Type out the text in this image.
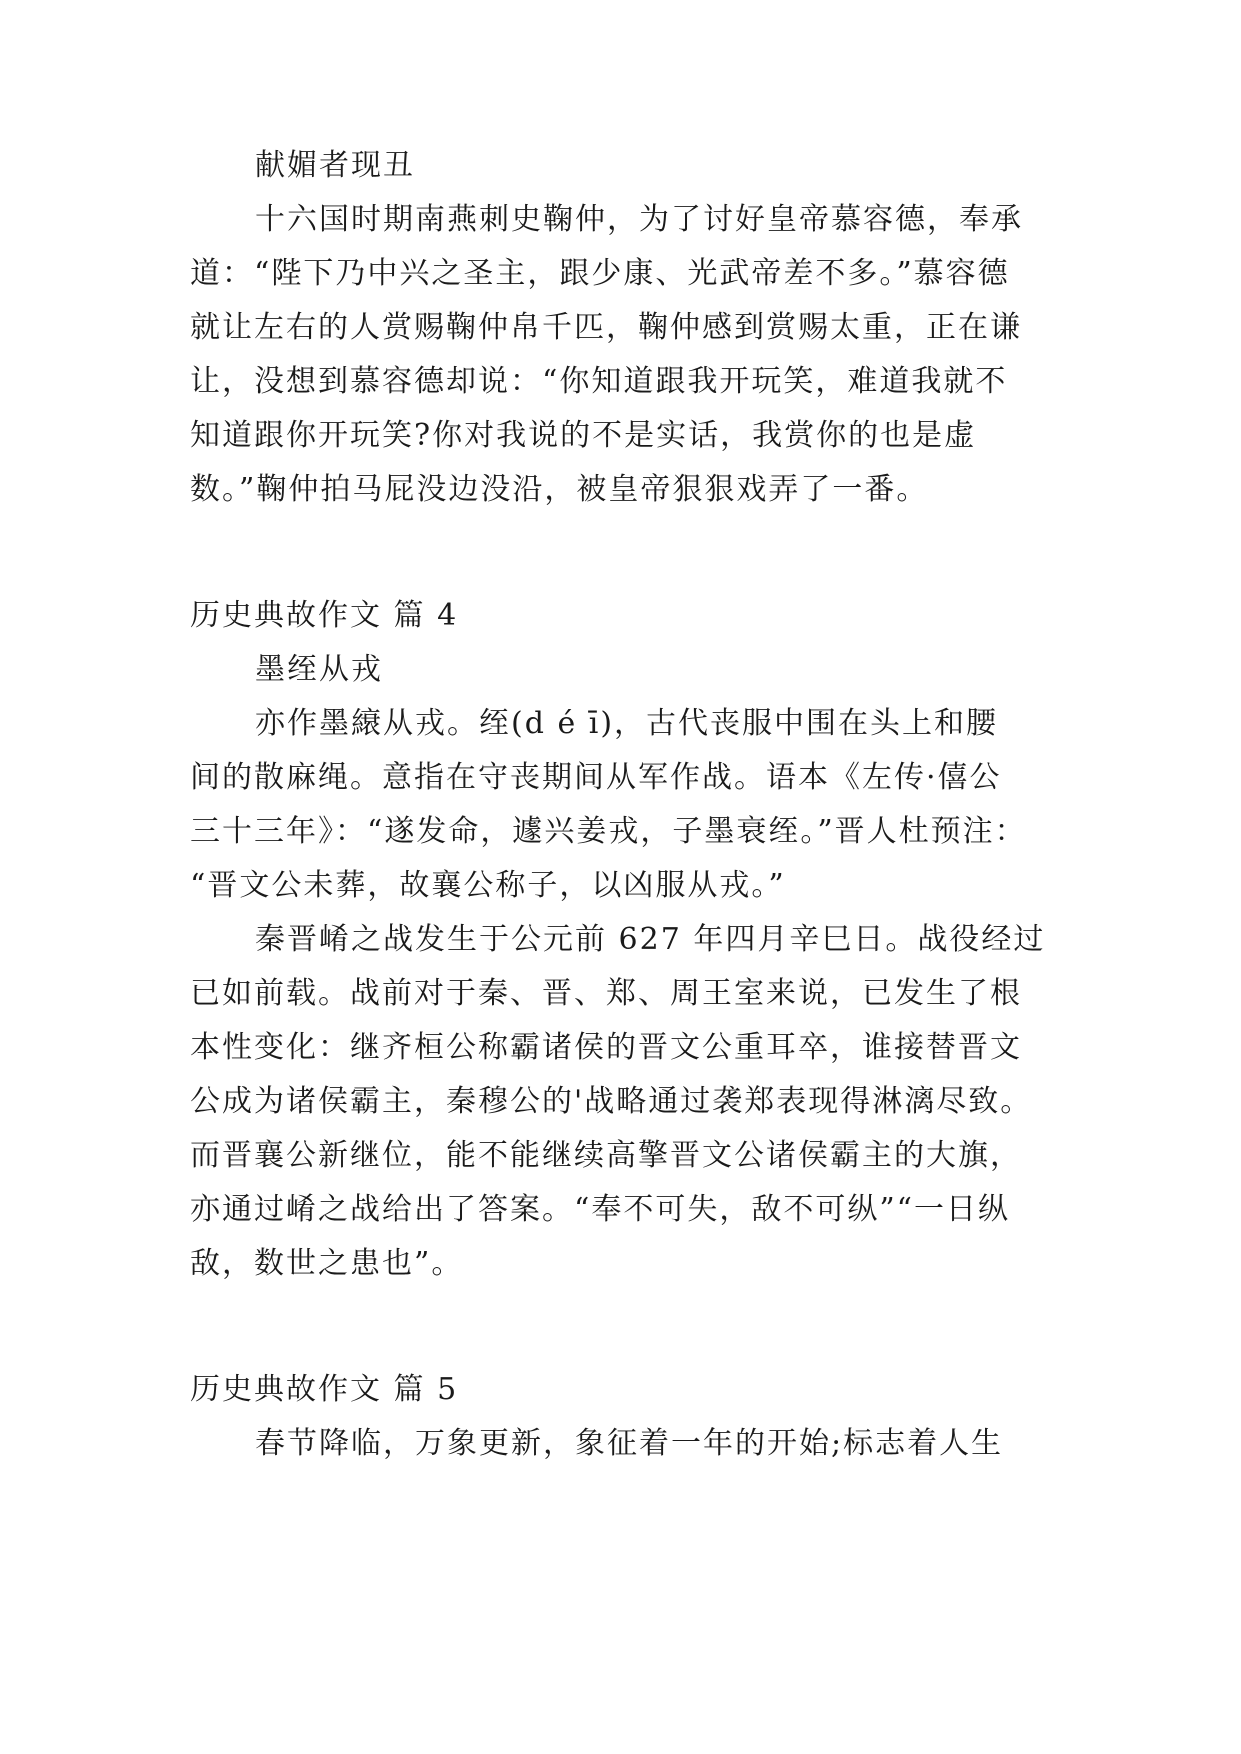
献媚者现丑
十六国时期南燕刺史鞠仲，为了讨好皇帝慕容德，奉承
道：“陛下乃中兴之圣主，跟少康、光武帝差不多。”慕容德
就让左右的人赏赐鞠仲帛千匹，鞠仲感到赏赐太重，正在谦
让，没想到慕容德却说：“你知道跟我开玩笑，难道我就不
知道跟你开玩笑?你对我说的不是实话，我赏你的也是虚
数。”鞠仲拍马屁没边没沿，被皇帝狠狠戏弄了一番。
历史典故作文 篇 4
墨绖从戎
亦作墨縗从戎。绖(d é ī)，古代丧服中围在头上和腰
间的散麻绳。意指在守丧期间从军作战。语本《左传·僖公
三十三年》：“遂发命，遽兴姜戎，子墨衰绖。”晋人杜预注：
“晋文公未葬，故襄公称子，以凶服从戎。”
秦晋崤之战发生于公元前 627 年四月辛巳日。战役经过
已如前载。战前对于秦、晋、郑、周王室来说，已发生了根
本性变化：继齐桓公称霸诸侯的晋文公重耳卒，谁接替晋文
公成为诸侯霸主，秦穆公的'战略通过袭郑表现得淋漓尽致。
而晋襄公新继位，能不能继续高擎晋文公诸侯霸主的大旗，
亦通过崤之战给出了答案。“奉不可失，敌不可纵”“一日纵
敌，数世之患也”。
历史典故作文 篇 5
春节降临，万象更新，象征着一年的开始;标志着人生
